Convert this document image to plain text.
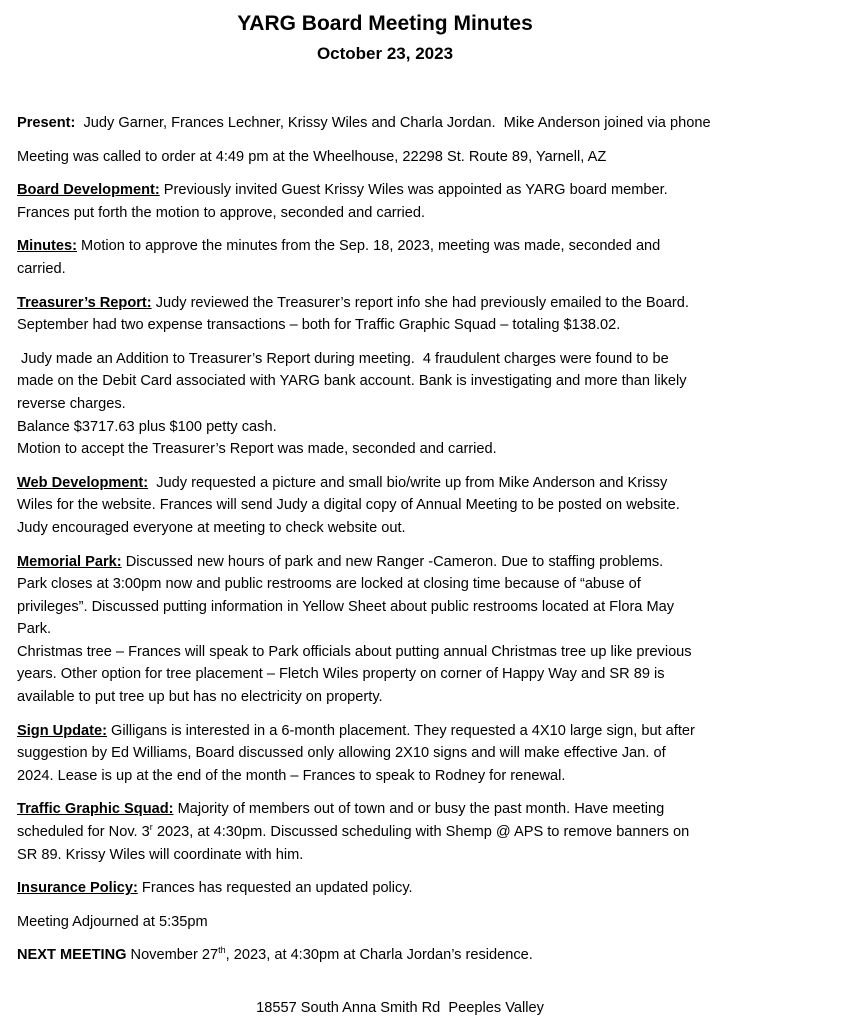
YARG Board Meeting Minutes
October 23, 2023

Present:  Judy Garner, Frances Lechner, Krissy Wiles and Charla Jordan.  Mike Anderson joined via phone

Meeting was called to order at 4:49 pm at the Wheelhouse, 22298 St. Route 89, Yarnell, AZ

Board Development: Previously invited Guest Krissy Wiles was appointed as YARG board member.
Frances put forth the motion to approve, seconded and carried.

Minutes: Motion to approve the minutes from the Sep. 18, 2023, meeting was made, seconded and
carried.

Treasurer’s Report: Judy reviewed the Treasurer’s report info she had previously emailed to the Board.
September had two expense transactions – both for Traffic Graphic Squad – totaling $138.02.

Judy made an Addition to Treasurer’s Report during meeting.  4 fraudulent charges were found to be
made on the Debit Card associated with YARG bank account. Bank is investigating and more than likely
reverse charges.
Balance $3717.63 plus $100 petty cash.
Motion to accept the Treasurer’s Report was made, seconded and carried.

Web Development:  Judy requested a picture and small bio/write up from Mike Anderson and Krissy
Wiles for the website. Frances will send Judy a digital copy of Annual Meeting to be posted on website.
Judy encouraged everyone at meeting to check website out.

Memorial Park: Discussed new hours of park and new Ranger -Cameron. Due to staffing problems.
Park closes at 3:00pm now and public restrooms are locked at closing time because of “abuse of
privileges”. Discussed putting information in Yellow Sheet about public restrooms located at Flora May
Park.
Christmas tree – Frances will speak to Park officials about putting annual Christmas tree up like previous
years. Other option for tree placement – Fletch Wiles property on corner of Happy Way and SR 89 is
available to put tree up but has no electricity on property.

Sign Update: Gilligans is interested in a 6-month placement. They requested a 4X10 large sign, but after
suggestion by Ed Williams, Board discussed only allowing 2X10 signs and will make effective Jan. of
2024. Lease is up at the end of the month – Frances to speak to Rodney for renewal.

Traffic Graphic Squad: Majority of members out of town and or busy the past month. Have meeting
scheduled for Nov. 3$^r$ 2023, at 4:30pm. Discussed scheduling with Shemp @ APS to remove banners on
SR 89. Krissy Wiles will coordinate with him.

Insurance Policy: Frances has requested an updated policy.

Meeting Adjourned at 5:35pm

NEXT MEETING November 27th, 2023, at 4:30pm at Charla Jordan’s residence.

18557 South Anna Smith Rd  Peeples Valley
